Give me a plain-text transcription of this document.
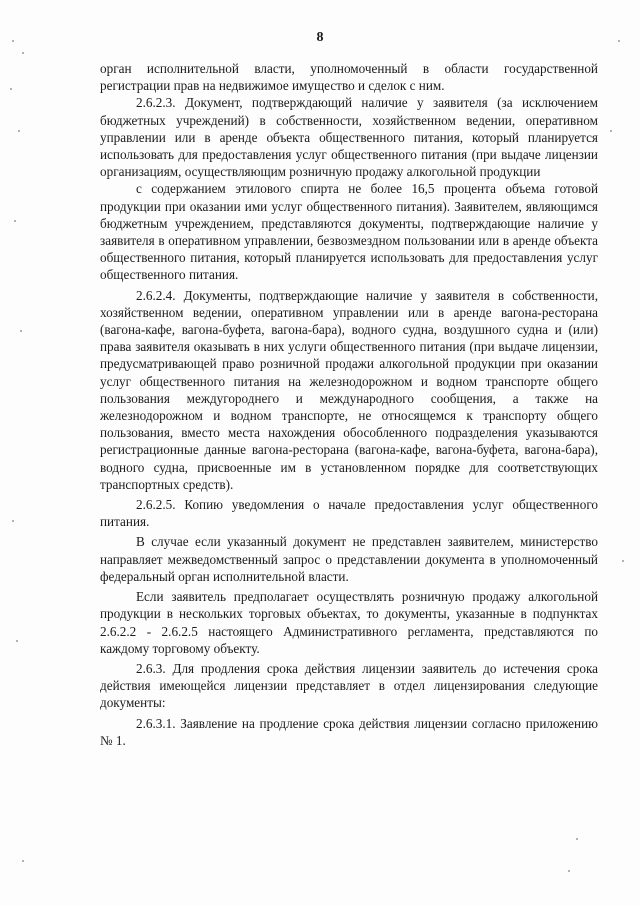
8

орган исполнительной власти, уполномоченный в области государственной регистрации прав на недвижимое имущество и сделок с ним.

2.6.2.3. Документ, подтверждающий наличие у заявителя (за исключением бюджетных учреждений) в собственности, хозяйственном ведении, оперативном управлении или в аренде объекта общественного питания, который планируется использовать для предоставления услуг общественного питания (при выдаче лицензии организациям, осуществляющим розничную продажу алкогольной продукции

с содержанием этилового спирта не более 16,5 процента объема готовой продукции при оказании ими услуг общественного питания). Заявителем, являющимся бюджетным учреждением, представляются документы, подтверждающие наличие у заявителя в оперативном управлении, безвозмездном пользовании или в аренде объекта общественного питания, который планируется использовать для предоставления услуг общественного питания.

2.6.2.4. Документы, подтверждающие наличие у заявителя в собственности, хозяйственном ведении, оперативном управлении или в аренде вагона-ресторана (вагона-кафе, вагона-буфета, вагона-бара), водного судна, воздушного судна и (или) права заявителя оказывать в них услуги общественного питания (при выдаче лицензии, предусматривающей право розничной продажи алкогольной продукции при оказании услуг общественного питания на железнодорожном и водном транспорте общего пользования междугороднего и международного сообщения, а также на железнодорожном и водном транспорте, не относящемся к транспорту общего пользования, вместо места нахождения обособленного подразделения указываются регистрационные данные вагона-ресторана (вагона-кафе, вагона-буфета, вагона-бара), водного судна, присвоенные им в установленном порядке для соответствующих транспортных средств).

2.6.2.5. Копию уведомления о начале предоставления услуг общественного питания.

В случае если указанный документ не представлен заявителем, министерство направляет межведомственный запрос о представлении документа в уполномоченный федеральный орган исполнительной власти.

Если заявитель предполагает осуществлять розничную продажу алкогольной продукции в нескольких торговых объектах, то документы, указанные в подпунктах 2.6.2.2 - 2.6.2.5 настоящего Административного регламента, представляются по каждому торговому объекту.

2.6.3. Для продления срока действия лицензии заявитель до истечения срока действия имеющейся лицензии представляет в отдел лицензирования следующие документы:

2.6.3.1. Заявление на продление срока действия лицензии согласно приложению № 1.
